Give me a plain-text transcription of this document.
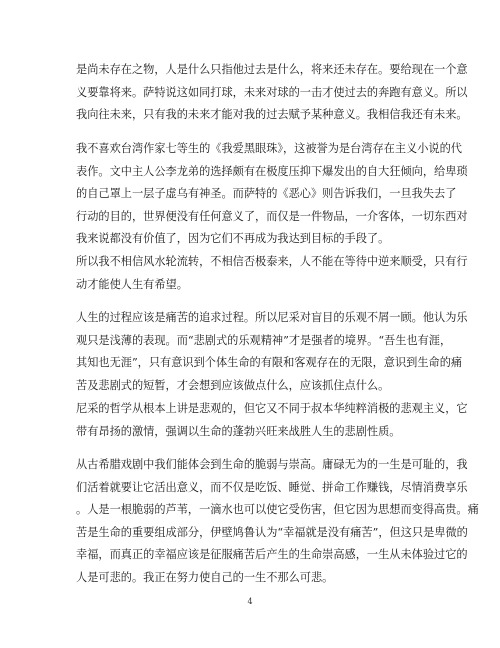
是尚未存在之物，人是什么只指他过去是什么，将来还未存在。要给现在一个意
义要靠将来。萨特说这如同打球，未来对球的一击才使过去的奔跑有意义。所以
我向往未来，只有我的未来才能对我的过去赋予某种意义。我相信我还有未来。
我不喜欢台湾作家七等生的《我爱黑眼珠》，这被誉为是台湾存在主义小说的代
表作。文中主人公李龙弟的选择颇有在极度压抑下爆发出的自大狂倾向，给卑琐
的自己罩上一层子虚乌有神圣。而萨特的《恶心》则告诉我们，一旦我失去了
行动的目的，世界便没有任何意义了，而仅是一件物品，一介客体，一切东西对
我来说都没有价值了，因为它们不再成为我达到目标的手段了。
所以我不相信风水轮流转，不相信否极泰来，人不能在等待中逆来顺受，只有行
动才能使人生有希望。
人生的过程应该是痛苦的追求过程。所以尼采对盲目的乐观不屑一顾。他认为乐
观只是浅薄的表现。而“悲剧式的乐观精神”才是强者的境界。“吾生也有涯，
其知也无涯”，只有意识到个体生命的有限和客观存在的无限，意识到生命的痛
苦及悲剧式的短暂，才会想到应该做点什么，应该抓住点什么。
尼采的哲学从根本上讲是悲观的，但它又不同于叔本华纯粹消极的悲观主义，它
带有昂扬的激情，强调以生命的蓬勃兴旺来战胜人生的悲剧性质。
从古希腊戏剧中我们能体会到生命的脆弱与崇高。庸碌无为的一生是可耻的，我
们活着就要让它活出意义，而不仅是吃饭、睡觉、拼命工作赚钱，尽情消费享乐
。人是一根脆弱的芦苇，一滴水也可以使它受伤害，但它因为思想而变得高贵。痛
苦是生命的重要组成部分，伊壁鸠鲁认为“幸福就是没有痛苦”，但这只是卑微的
幸福，而真正的幸福应该是征服痛苦后产生的生命崇高感，一生从未体验过它的
人是可悲的。我正在努力使自己的一生不那么可悲。
4
